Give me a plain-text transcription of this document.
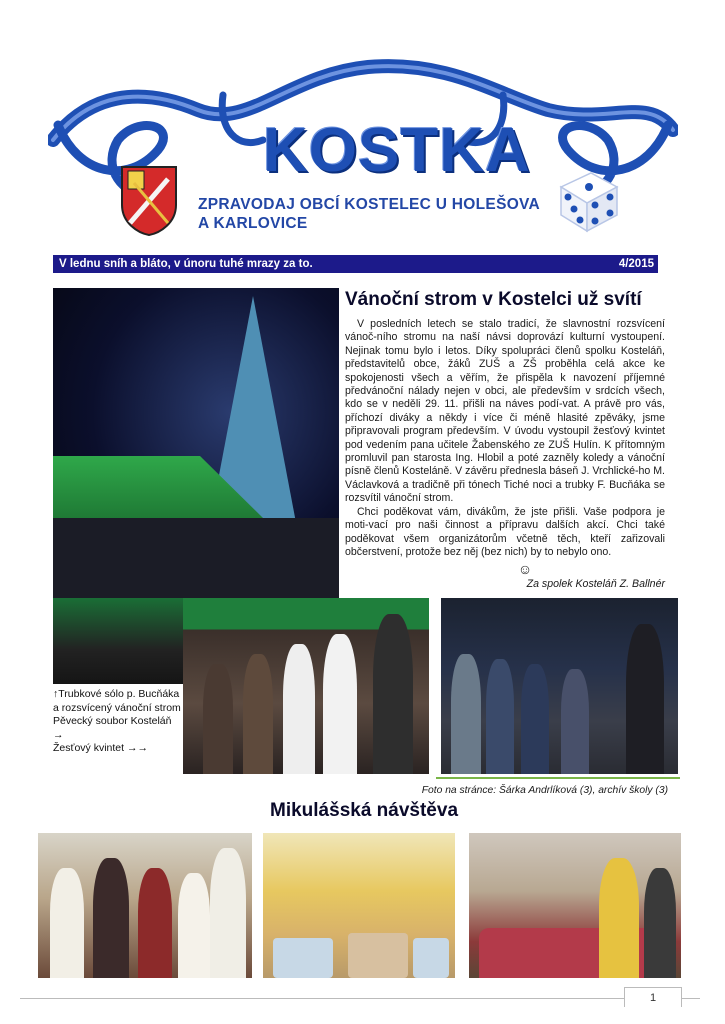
KOSTKA
ZPRAVODAJ OBCÍ KOSTELEC U HOLEŠOVA
A KARLOVICE
V lednu sníh a bláto, v únoru tuhé mrazy za to.	4/2015
Vánoční strom v Kostelci už svítí

V posledních letech se stalo tradicí, že slavnostní rozsvícení vánoč-ního stromu na naší návsi doprovází kulturní vystoupení. Nejinak tomu bylo i letos. Díky spolupráci členů spolku Kosteláň, představitelů obce, žáků ZUŠ a ZŠ proběhla celá akce ke spokojenosti všech a věřím, že přispěla k navození příjemné předvánoční nálady nejen v obci, ale především v srdcích všech, kdo se v neděli 29. 11. přišli na náves podí-vat. A právě pro vás, příchozí diváky a někdy i více či méně hlasité zpěváky, jsme připravovali program především. V úvodu vystoupil žesťový kvintet pod vedením pana učitele Žabenského ze ZUŠ Hulín. K přítomným promluvil pan starosta Ing. Hlobil a poté zazněly koledy a vánoční písně členů Kosteláně. V závěru přednesla báseň J. Vrchlické-ho M. Václavková a tradičně při tónech Tiché noci a trubky F. Bucňáka se rozsvítil vánoční strom.

Chci poděkovat vám, divákům, že jste přišli. Vaše podpora je moti-vací pro naši činnost a přípravu dalších akcí. Chci také poděkovat všem organizátorům včetně těch, kteří zařizovali občerstvení, protože bez něj (bez nich) by to nebylo ono.

☺
Za spolek Kosteláň Z. Ballnér
↑Trubkové sólo p. Bucňáka a rozsvícený vánoční strom
Pěvecký soubor Kosteláň →
Žesťový kvintet →→
Foto na stránce: Šárka Andrlíková (3), archív školy (3)
Mikulášská návštěva
1
